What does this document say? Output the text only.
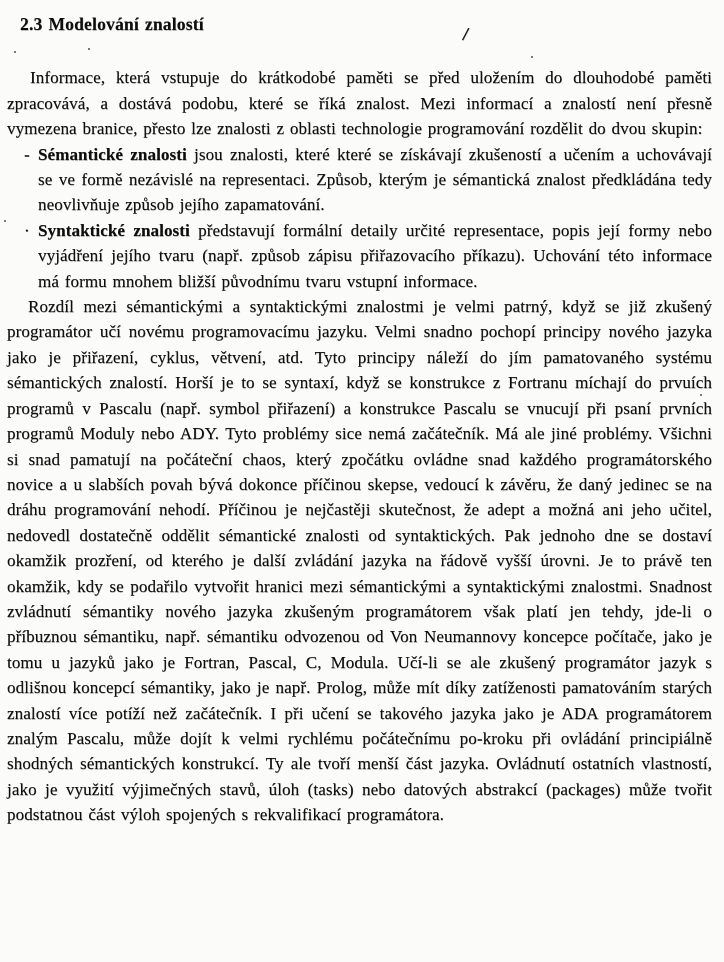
2.3 Modelování znalostí	/

Informace, která vstupuje do krátkodobé paměti se před uložením do dlouhodobé paměti zpracovává, a dostává podobu, které se říká znalost. Mezi informací a znalostí není přesně vymezena branice, přesto lze znalosti z oblasti technologie programování rozdělit do dvou skupin:

- Sémantické znalosti jsou znalosti, které které se získávají zkušeností a učením a uchovávají se ve formě nezávislé na representaci. Způsob, kterým je sémantická znalost předkládána tedy neovlivňuje způsob jejího zapamatování.
· Syntaktické znalosti představují formální detaily určité representace, popis její formy nebo vyjádření jejího tvaru (např. způsob zápisu přiřazovacího příkazu). Uchování této informace má formu mnohem bližší původnímu tvaru vstupní informace.

Rozdíl mezi sémantickými a syntaktickými znalostmi je velmi patrný, když se již zkušený programátor učí novému programovacímu jazyku. Velmi snadno pochopí principy nového jazyka jako je přiřazení, cyklus, větvení, atd. Tyto principy náleží do jím pamatovaného systému sémantických znalostí. Horší je to se syntaxí, když se konstrukce z Fortranu míchají do prvuích programů v Pascalu (např. symbol přiřazení) a konstrukce Pascalu se vnucují při psaní prvních programů Moduly nebo ADY. Tyto problémy sice nemá začátečník. Má ale jiné problémy. Všichni si snad pamatují na počáteční chaos, který zpočátku ovládne snad každého programátorského novice a u slabších povah bývá dokonce příčinou skepse, vedoucí k závěru, že daný jedinec se na dráhu programování nehodí. Příčinou je nejčastěji skutečnost, že adept a možná ani jeho učitel, nedovedl dostatečně oddělit sémantické znalosti od syntaktických. Pak jednoho dne se dostaví okamžik prozření, od kterého je další zvládání jazyka na řádově vyšší úrovni. Je to právě ten okamžik, kdy se podařilo vytvořit hranici mezi sémantickými a syntaktickými znalostmi. Snadnost zvládnutí sémantiky nového jazyka zkušeným programátorem však platí jen tehdy, jde-li o příbuznou sémantiku, např. sémantiku odvozenou od Von Neumannovy koncepce počítače, jako je tomu u jazyků jako je Fortran, Pascal, C, Modula. Učí-li se ale zkušený programátor jazyk s odlišnou koncepcí sémantiky, jako je např. Prolog, může mít díky zatíženosti pamatováním starých znalostí více potíží než začátečník. I při učení se takového jazyka jako je ADA programátorem znalým Pascalu, může dojít k velmi rychlému počátečnímu po-kroku při ovládání principiálně shodných sémantických konstrukcí. Ty ale tvoří menší část jazyka. Ovládnutí ostatních vlastností, jako je využití výjimečných stavů, úloh (tasks) nebo datových abstrakcí (packages) může tvořit podstatnou část výloh spojených s rekvalifikací programátora.
